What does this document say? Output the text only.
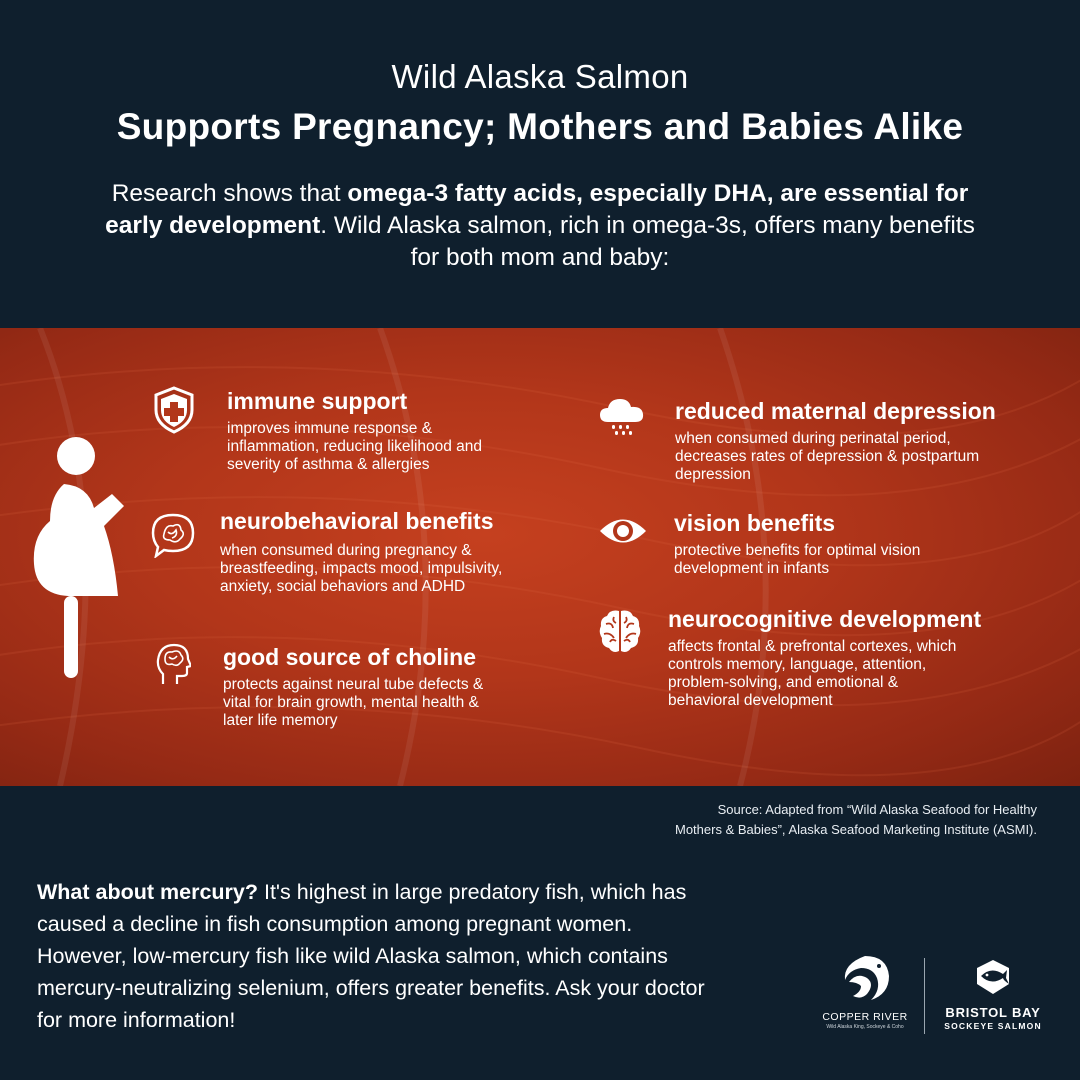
Wild Alaska Salmon
Supports Pregnancy; Mothers and Babies Alike
Research shows that omega-3 fatty acids, especially DHA, are essential for early development. Wild Alaska salmon, rich in omega-3s, offers many benefits for both mom and baby:
immune support
improves immune response & inflammation, reducing likelihood and severity of asthma & allergies
neurobehavioral benefits
when consumed during pregnancy & breastfeeding, impacts mood, impulsivity, anxiety, social behaviors and ADHD
good source of choline
protects against neural tube defects & vital for brain growth, mental health & later life memory
reduced maternal depression
when consumed during perinatal period, decreases rates of depression & postpartum depression
vision benefits
protective benefits for optimal vision development in infants
neurocognitive development
affects frontal & prefrontal cortexes, which controls memory, language, attention, problem-solving, and emotional & behavioral development
Source: Adapted from “Wild Alaska Seafood for Healthy
Mothers & Babies”, Alaska Seafood Marketing Institute (ASMI).
What about mercury? It's highest in large predatory fish, which has caused a decline in fish consumption among pregnant women. However, low-mercury fish like wild Alaska salmon, which contains mercury-neutralizing selenium, offers greater benefits. Ask your doctor for more information!	COPPER RIVER
Wild Alaska King, Sockeye & Coho
BRISTOL BAY
SOCKEYE SALMON
